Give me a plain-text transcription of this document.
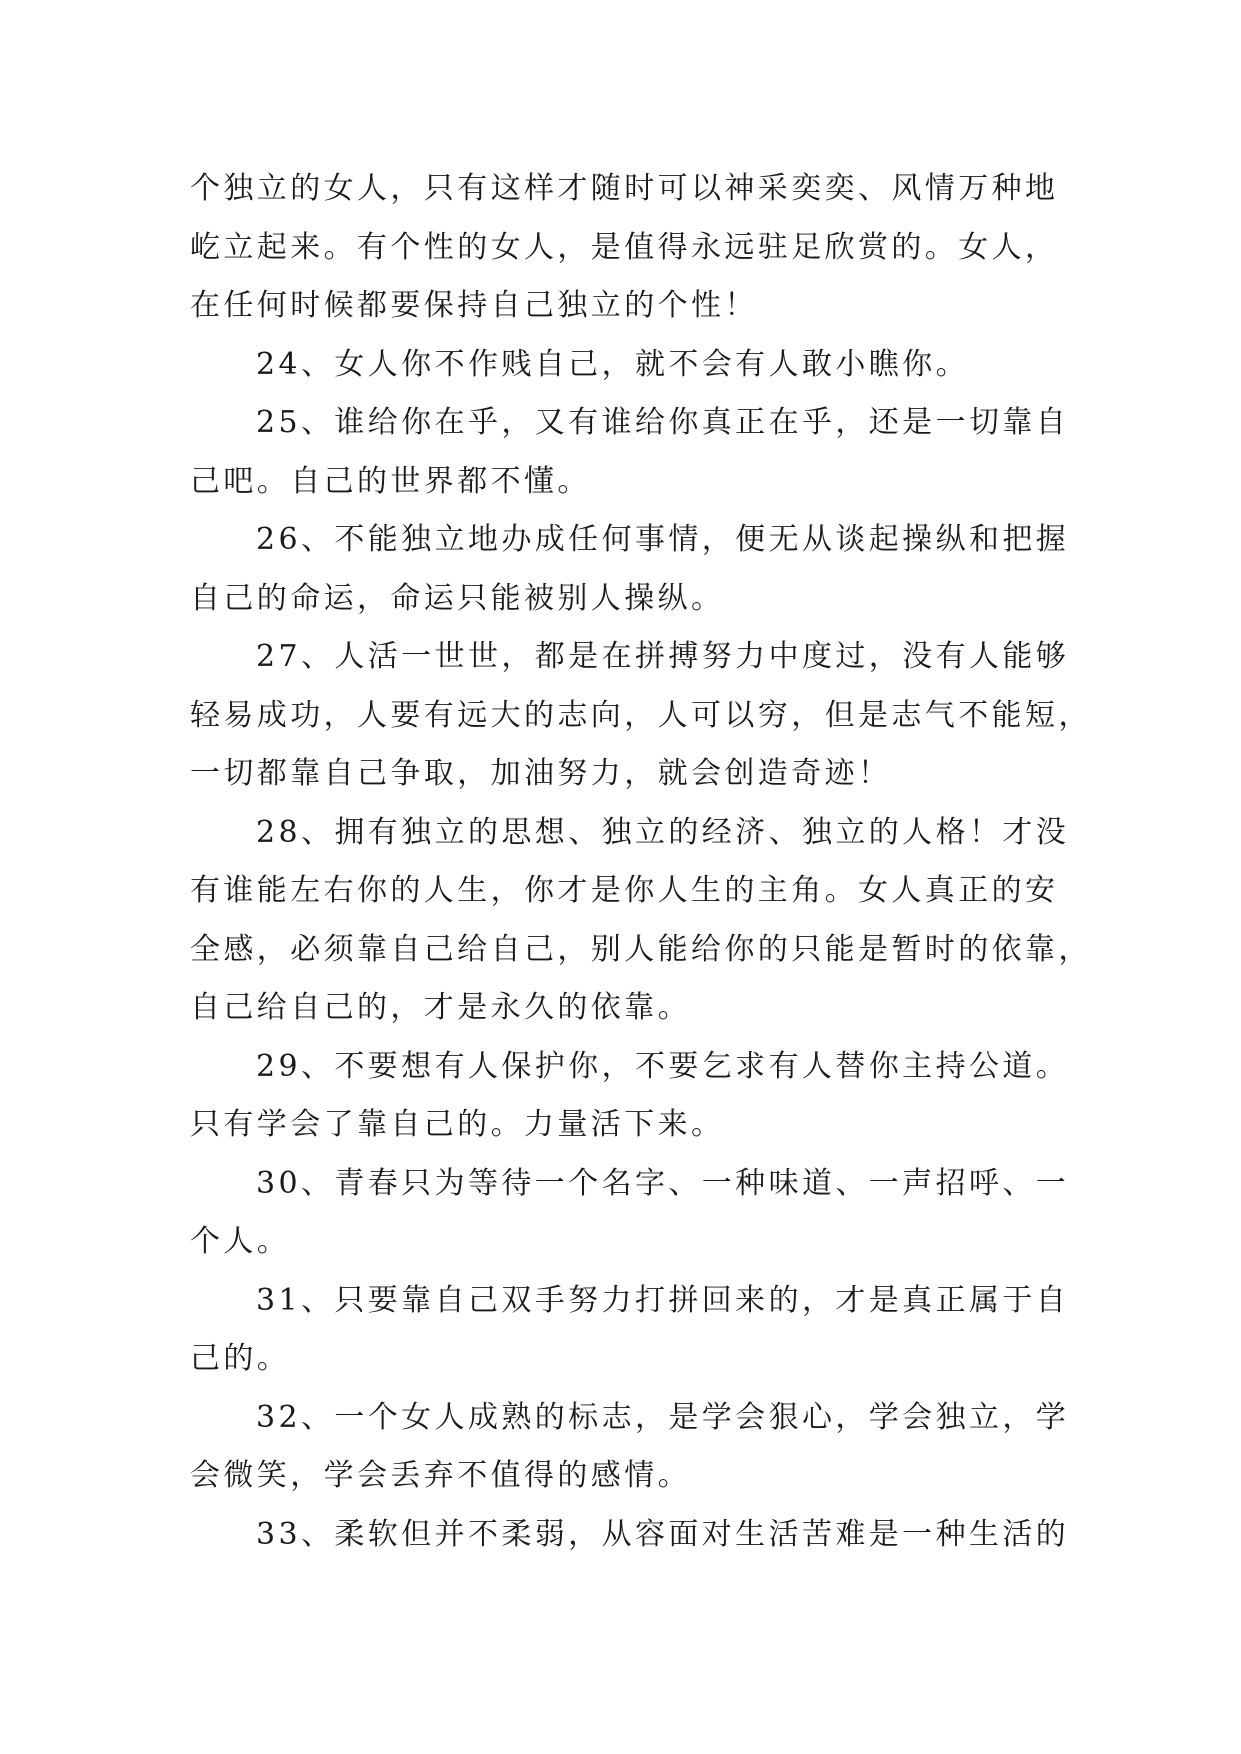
个独立的女人，只有这样才随时可以神采奕奕、风情万种地
屹立起来。有个性的女人，是值得永远驻足欣赏的。女人，
在任何时候都要保持自己独立的个性！

24、女人你不作贱自己，就不会有人敢小瞧你。

25、谁给你在乎，又有谁给你真正在乎，还是一切靠自
己吧。自己的世界都不懂。

26、不能独立地办成任何事情，便无从谈起操纵和把握
自己的命运，命运只能被别人操纵。

27、人活一世世，都是在拼搏努力中度过，没有人能够
轻易成功，人要有远大的志向，人可以穷，但是志气不能短，
一切都靠自己争取，加油努力，就会创造奇迹！

28、拥有独立的思想、独立的经济、独立的人格！才没
有谁能左右你的人生，你才是你人生的主角。女人真正的安
全感，必须靠自己给自己，别人能给你的只能是暂时的依靠，
自己给自己的，才是永久的依靠。

29、不要想有人保护你，不要乞求有人替你主持公道。
只有学会了靠自己的。力量活下来。

30、青春只为等待一个名字、一种味道、一声招呼、一
个人。

31、只要靠自己双手努力打拼回来的，才是真正属于自
己的。

32、一个女人成熟的标志，是学会狠心，学会独立，学
会微笑，学会丢弃不值得的感情。

33、柔软但并不柔弱，从容面对生活苦难是一种生活的
